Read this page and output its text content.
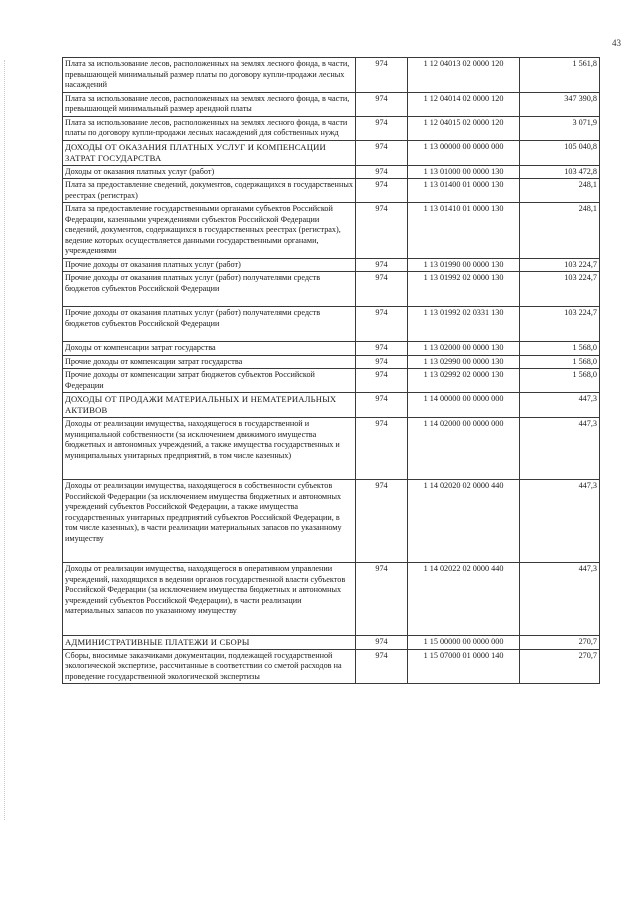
43
Плата за использование лесов, расположенных на землях лесного фонда, в части, превышающей минимальный размер платы по договору купли-продажи лесных насаждений	974	1 12 04013 02 0000 120	1 561,8
Плата за использование лесов, расположенных на землях лесного фонда, в части, превышающей минимальный размер арендной платы	974	1 12 04014 02 0000 120	347 390,8
Плата за использование лесов, расположенных на землях лесного фонда, в части платы по договору купли-продажи лесных насаждений для собственных нужд	974	1 12 04015 02 0000 120	3 071,9
ДОХОДЫ ОТ ОКАЗАНИЯ ПЛАТНЫХ УСЛУГ И КОМПЕНСАЦИИ ЗАТРАТ ГОСУДАРСТВА	974	1 13 00000 00 0000 000	105 040,8
Доходы от оказания платных услуг (работ)	974	1 13 01000 00 0000 130	103 472,8
Плата за предоставление сведений, документов, содержащихся в государственных реестрах (регистрах)	974	1 13 01400 01 0000 130	248,1
Плата за предоставление государственными органами субъектов Российской Федерации, казенными учреждениями субъектов Российской Федерации сведений, документов, содержащихся в государственных реестрах (регистрах), ведение которых осуществляется данными государственными органами, учреждениями	974	1 13 01410 01 0000 130	248,1
Прочие доходы от оказания платных услуг (работ)	974	1 13 01990 00 0000 130	103 224,7
Прочие доходы от оказания платных услуг (работ) получателями средств бюджетов субъектов Российской Федерации	974	1 13 01992 02 0000 130	103 224,7
Прочие доходы от оказания платных услуг (работ) получателями средств бюджетов субъектов Российской Федерации	974	1 13 01992 02 0331 130	103 224,7
Доходы от компенсации затрат государства	974	1 13 02000 00 0000 130	1 568,0
Прочие доходы от компенсации затрат государства	974	1 13 02990 00 0000 130	1 568,0
Прочие доходы от компенсации затрат бюджетов субъектов Российской Федерации	974	1 13 02992 02 0000 130	1 568,0
ДОХОДЫ ОТ ПРОДАЖИ МАТЕРИАЛЬНЫХ И НЕМАТЕРИАЛЬНЫХ АКТИВОВ	974	1 14 00000 00 0000 000	447,3
Доходы от реализации имущества, находящегося в государственной и муниципальной собственности (за исключением движимого имущества бюджетных и автономных учреждений, а также имущества государственных и муниципальных унитарных предприятий, в том числе казенных)	974	1 14 02000 00 0000 000	447,3
Доходы от реализации имущества, находящегося в собственности субъектов Российской Федерации (за исключением имущества бюджетных и автономных учреждений субъектов Российской Федерации, а также имущества государственных унитарных предприятий субъектов Российской Федерации, в том числе казенных), в части реализации материальных запасов по указанному имуществу	974	1 14 02020 02 0000 440	447,3
Доходы от реализации имущества, находящегося в оперативном управлении учреждений, находящихся в ведении органов государственной власти субъектов Российской Федерации (за исключением имущества бюджетных и автономных учреждений субъектов Российской Федерации), в части реализации материальных запасов по указанному имуществу	974	1 14 02022 02 0000 440	447,3
АДМИНИСТРАТИВНЫЕ ПЛАТЕЖИ И СБОРЫ	974	1 15 00000 00 0000 000	270,7
Сборы, вносимые заказчиками документации, подлежащей государственной экологической экспертизе, рассчитанные в соответствии со сметой расходов на проведение государственной экологической экспертизы	974	1 15 07000 01 0000 140	270,7
